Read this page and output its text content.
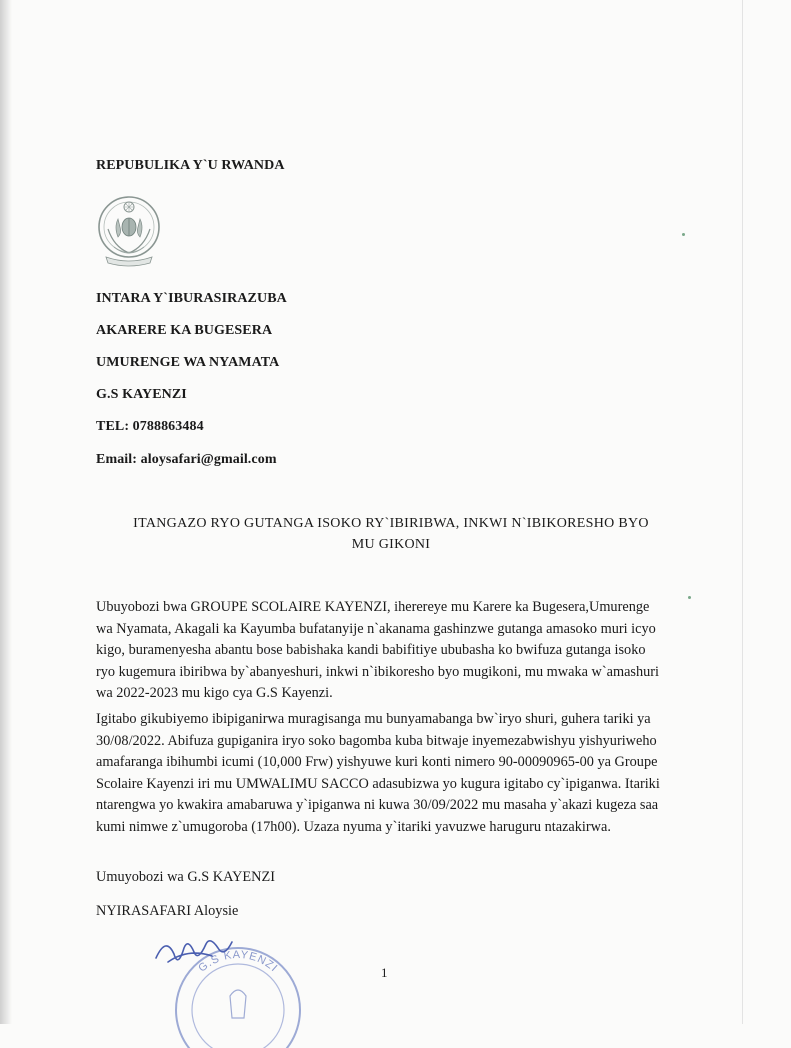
REPUBULIKA Y`U RWANDA
INTARA Y`IBURASIRAZUBA
AKARERE KA BUGESERA
UMURENGE WA NYAMATA
G.S KAYENZI
TEL: 0788863484
Email: aloysafari@gmail.com
ITANGAZO RYO GUTANGA ISOKO RY`IBIRIBWA, INKWI N`IBIKORESHO BYO
MU GIKONI

Ubuyobozi bwa GROUPE SCOLAIRE KAYENZI, iherereye mu Karere ka Bugesera,Umurenge
wa Nyamata, Akagali ka Kayumba bufatanyije n`akanama gashinzwe gutanga amasoko muri icyo
kigo, buramenyesha abantu bose babishaka kandi babifitiye ububasha ko bwifuza gutanga isoko
ryo kugemura ibiribwa by`abanyeshuri, inkwi n`ibikoresho byo mugikoni, mu mwaka w`amashuri
wa 2022-2023 mu kigo cya G.S Kayenzi.

Igitabo gikubiyemo ibipiganirwa muragisanga mu bunyamabanga bw`iryo shuri, guhera tariki ya
30/08/2022. Abifuza gupiganira iryo soko bagomba kuba bitwaje inyemezabwishyu yishyuriweho
amafaranga ibihumbi icumi (10,000 Frw) yishyuwe kuri konti nimero 90-00090965-00 ya Groupe
Scolaire Kayenzi iri mu UMWALIMU SACCO adasubizwa yo kugura igitabo cy`ipiganwa. Itariki
ntarengwa yo kwakira amabaruwa y`ipiganwa ni kuwa 30/09/2022 mu masaha y`akazi kugeza saa
kumi nimwe z`umugoroba (17h00). Uzaza nyuma y`itariki yavuzwe haruguru ntazakirwa.

Umuyobozi wa G.S KAYENZI
NYIRASAFARI Aloysie
G.S KAYENZI	1
